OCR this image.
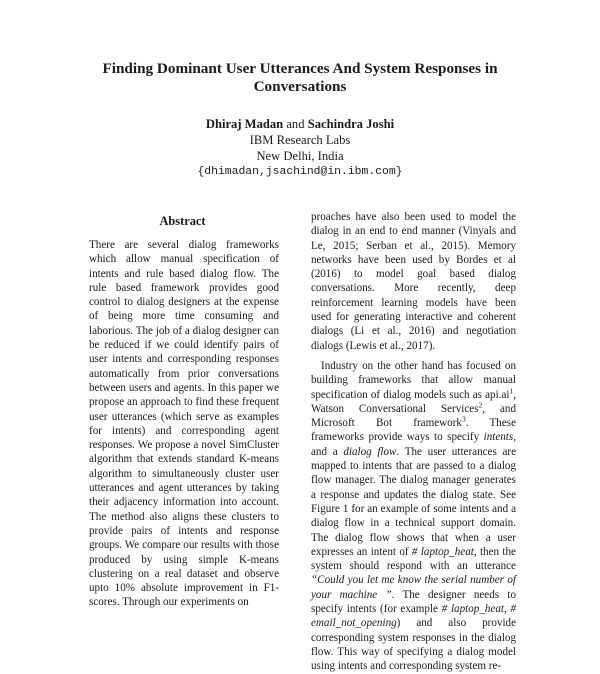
Finding Dominant User Utterances And System Responses in
Conversations
Dhiraj Madan and Sachindra Joshi
IBM Research Labs
New Delhi, India
{dhimadan,jsachind@in.ibm.com}
Abstract

There are several dialog frameworks which allow manual specification of intents and rule based dialog flow. The rule based framework provides good control to dialog designers at the expense of being more time consuming and laborious. The job of a dialog designer can be reduced if we could identify pairs of user intents and corresponding responses automatically from prior conversations between users and agents. In this paper we propose an approach to find these frequent user utterances (which serve as examples for intents) and corresponding agent responses. We propose a novel SimCluster algorithm that extends standard K-means algorithm to simultaneously cluster user utterances and agent utterances by taking their adjacency information into account. The method also aligns these clusters to provide pairs of intents and response groups. We compare our results with those produced by using simple K-means clustering on a real dataset and observe upto 10% absolute improvement in F1-scores. Through our experiments on

proaches have also been used to model the dialog in an end to end manner (Vinyals and Le, 2015; Serban et al., 2015). Memory networks have been used by Bordes et al (2016) to model goal based dialog conversations. More recently, deep reinforcement learning models have been used for generating interactive and coherent dialogs (Li et al., 2016) and negotiation dialogs (Lewis et al., 2017).

Industry on the other hand has focused on building frameworks that allow manual specification of dialog models such as $api.ai^1$, Watson Conversational Services$^2$, and Microsoft Bot framework$^3$. These frameworks provide ways to specify intents, and a dialog flow. The user utterances are mapped to intents that are passed to a dialog flow manager. The dialog manager generates a response and updates the dialog state. See Figure 1 for an example of some intents and a dialog flow in a technical support domain. The dialog flow shows that when a user expresses an intent of # laptop_heat, then the system should respond with an utterance “Could you let me know the serial number of your machine ”. The designer needs to specify intents (for example # laptop_heat, # email_not_opening) and also provide corresponding system responses in the dialog flow. This way of specifying a dialog model using intents and corresponding system re-
